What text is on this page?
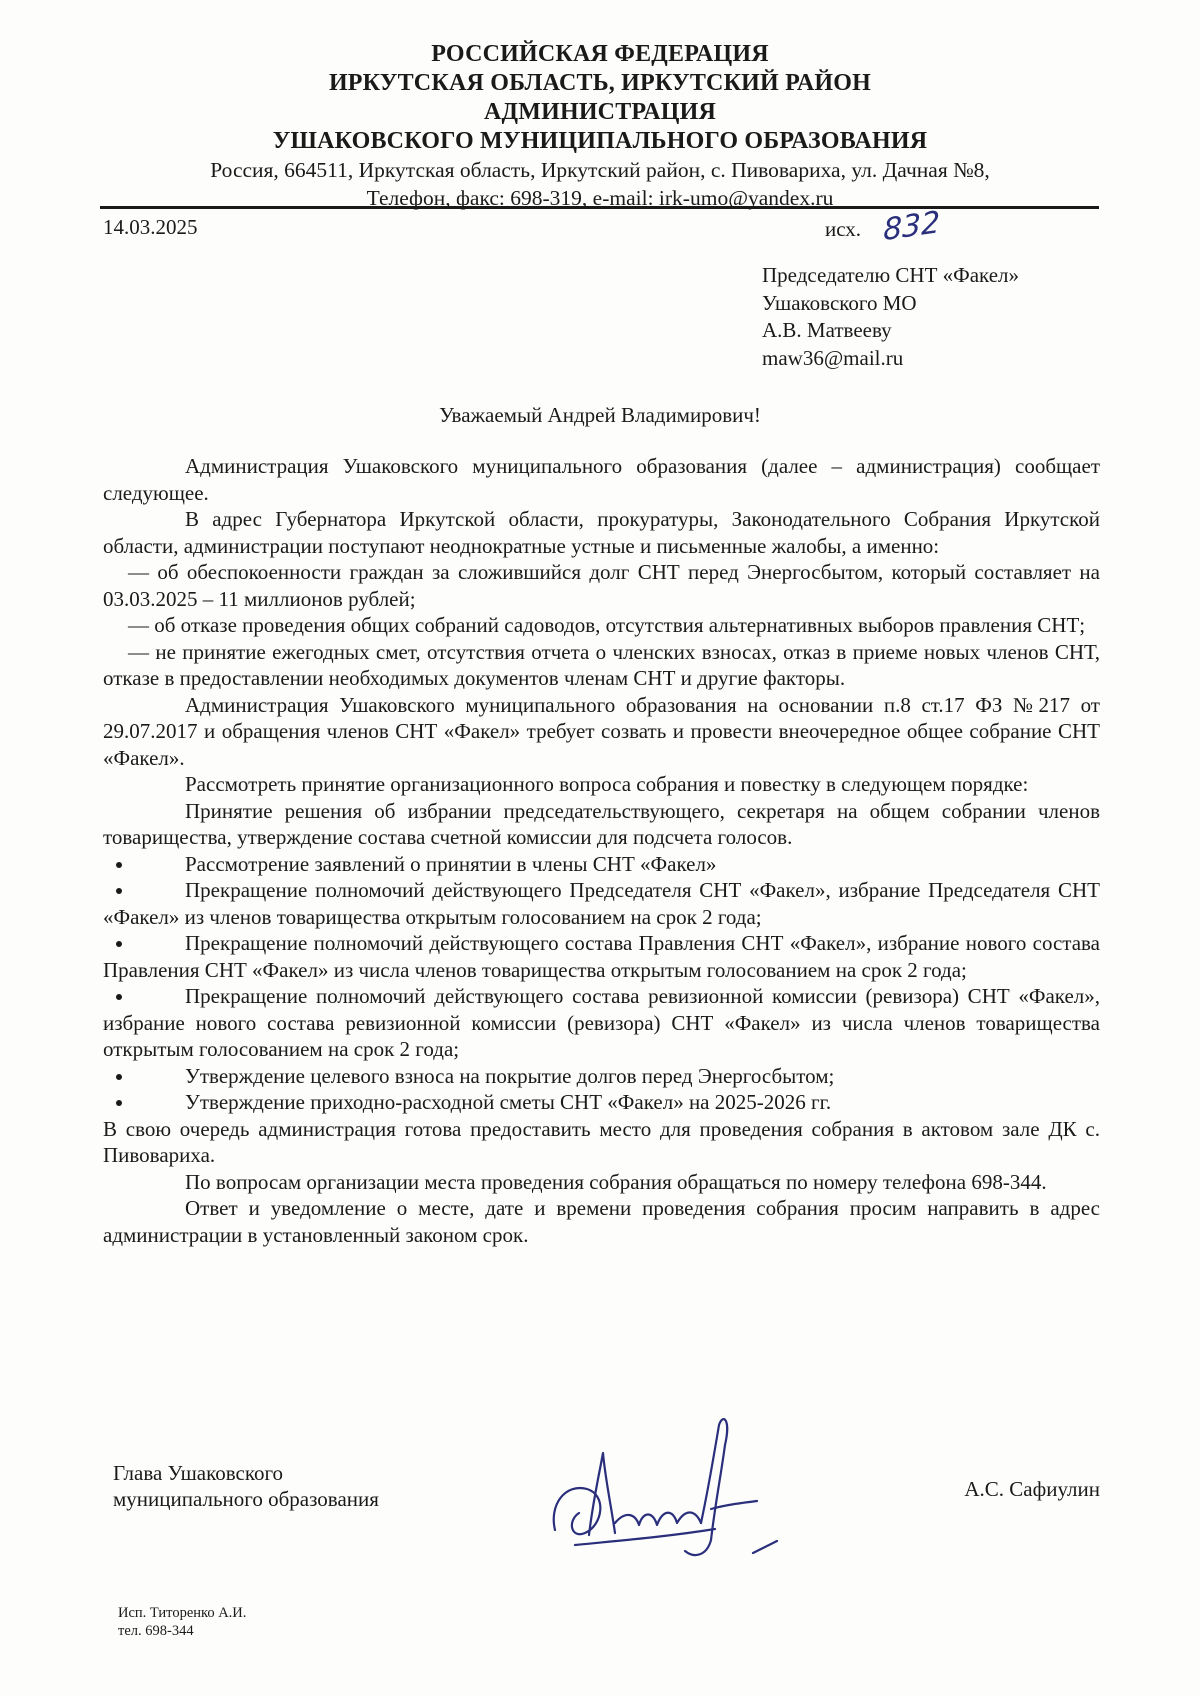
РОССИЙСКАЯ ФЕДЕРАЦИЯ
ИРКУТСКАЯ ОБЛАСТЬ, ИРКУТСКИЙ РАЙОН
АДМИНИСТРАЦИЯ
УШАКОВСКОГО МУНИЦИПАЛЬНОГО ОБРАЗОВАНИЯ
Россия, 664511, Иркутская область, Иркутский район, с. Пивовариха, ул. Дачная №8,
Телефон, факс: 698-319, e-mail: irk-umo@yandex.ru
14.03.2025	исх. 832
Председателю СНТ «Факел»
Ушаковского МО
А.В. Матвееву
maw36@mail.ru
Уважаемый Андрей Владимирович!

Администрация Ушаковского муниципального образования (далее – администрация) сообщает следующее.

В адрес Губернатора Иркутской области, прокуратуры, Законодательного Собрания Иркутской области, администрации поступают неоднократные устные и письменные жалобы, а именно:

— об обеспокоенности граждан за сложившийся долг СНТ перед Энергосбытом, который составляет на 03.03.2025 – 11 миллионов рублей;

— об отказе проведения общих собраний садоводов, отсутствия альтернативных выборов правления СНТ;

— не принятие ежегодных смет, отсутствия отчета о членских взносах, отказ в приеме новых членов СНТ, отказе в предоставлении необходимых документов членам СНТ и другие факторы.

Администрация Ушаковского муниципального образования на основании п.8 ст.17 ФЗ №217 от 29.07.2017 и обращения членов СНТ «Факел» требует созвать и провести внеочередное общее собрание СНТ «Факел».

Рассмотреть принятие организационного вопроса собрания и повестку в следующем порядке:

Принятие решения об избрании председательствующего, секретаря на общем собрании членов товарищества, утверждение состава счетной комиссии для подсчета голосов.

Рассмотрение заявлений о принятии в члены СНТ «Факел»

Прекращение полномочий действующего Председателя СНТ «Факел», избрание Председателя СНТ «Факел» из членов товарищества открытым голосованием на срок 2 года;

Прекращение полномочий действующего состава Правления СНТ «Факел», избрание нового состава Правления СНТ «Факел» из числа членов товарищества открытым голосованием на срок 2 года;

Прекращение полномочий действующего состава ревизионной комиссии (ревизора) СНТ «Факел», избрание нового состава ревизионной комиссии (ревизора) СНТ «Факел» из числа членов товарищества открытым голосованием на срок 2 года;

Утверждение целевого взноса на покрытие долгов перед Энергосбытом;

Утверждение приходно-расходной сметы СНТ «Факел» на 2025-2026 гг.

В свою очередь администрация готова предоставить место для проведения собрания в актовом зале ДК с. Пивовариха.

По вопросам организации места проведения собрания обращаться по номеру телефона 698-344.

Ответ и уведомление о месте, дате и времени проведения собрания просим направить в адрес администрации в установленный законом срок.

Глава Ушаковского
муниципального образования	А.С. Сафиулин
Исп. Титоренко А.И.
тел. 698-344
